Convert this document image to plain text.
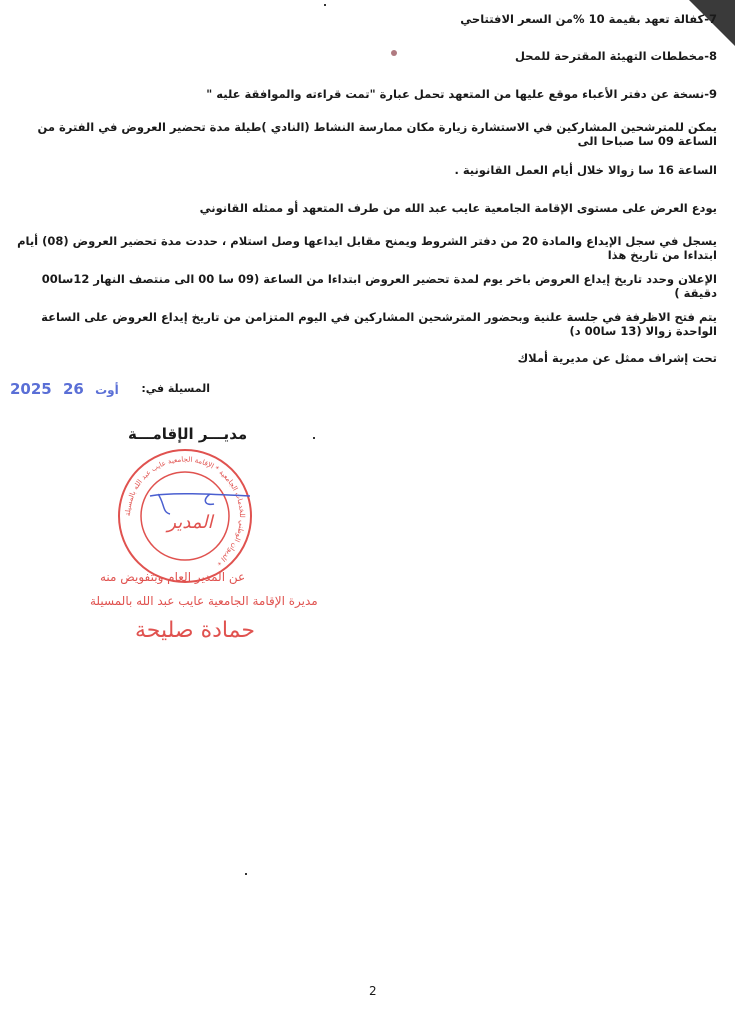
7-كفالة تعهد بقيمة 10 %من السعر الافتتاحي
8-مخططات التهيئة المقترحة للمحل
9-نسخة عن دفتر الأعباء موقع عليها من المتعهد تحمل عبارة "تمت قراءته والموافقة عليه "
يمكن للمترشحين المشاركين في الاستشارة زيارة مكان ممارسة النشاط (النادي )طيلة مدة تحضير العروض في الفترة من الساعة 09 سا صباحا الى
الساعة 16 سا زوالا خلال أيام العمل القانونية .
يودع العرض على مستوى الإقامة الجامعية عايب عبد الله من طرف المتعهد أو ممثله القانوني
يسجل في سجل الإيداع والمادة 20 من دفتر الشروط ويمنح مقابل ايداعها وصل استلام ، حددت مدة تحضير العروض (08) أيام ابتداءا من تاريخ هذا
الإعلان وحدد تاريخ إيداع العروض باخر يوم لمدة تحضير العروض ابتداءا من الساعة (09 سا 00 الى منتصف النهار 12سا00 دقيقة )
يتم فتح الاظرفة في جلسة علنية وبحضور المترشحين المشاركين في اليوم المتزامن من تاريخ إيداع العروض على الساعة الواحدة زوالا (13 سا00 د)
تحت إشراف ممثل عن مديرية أملاك
المسيلة في:
2025	أوت 26
مديـــر الإقامـــة
الديوان الوطني للخدمات الجامعية * الإقامة الجامعية عايب عبد الله بالمسيلة *
المدير
عن المدير العام وبتفويض منه
مديرة الإقامة الجامعية عايب عبد الله بالمسيلة
حمادة صليحة
2
